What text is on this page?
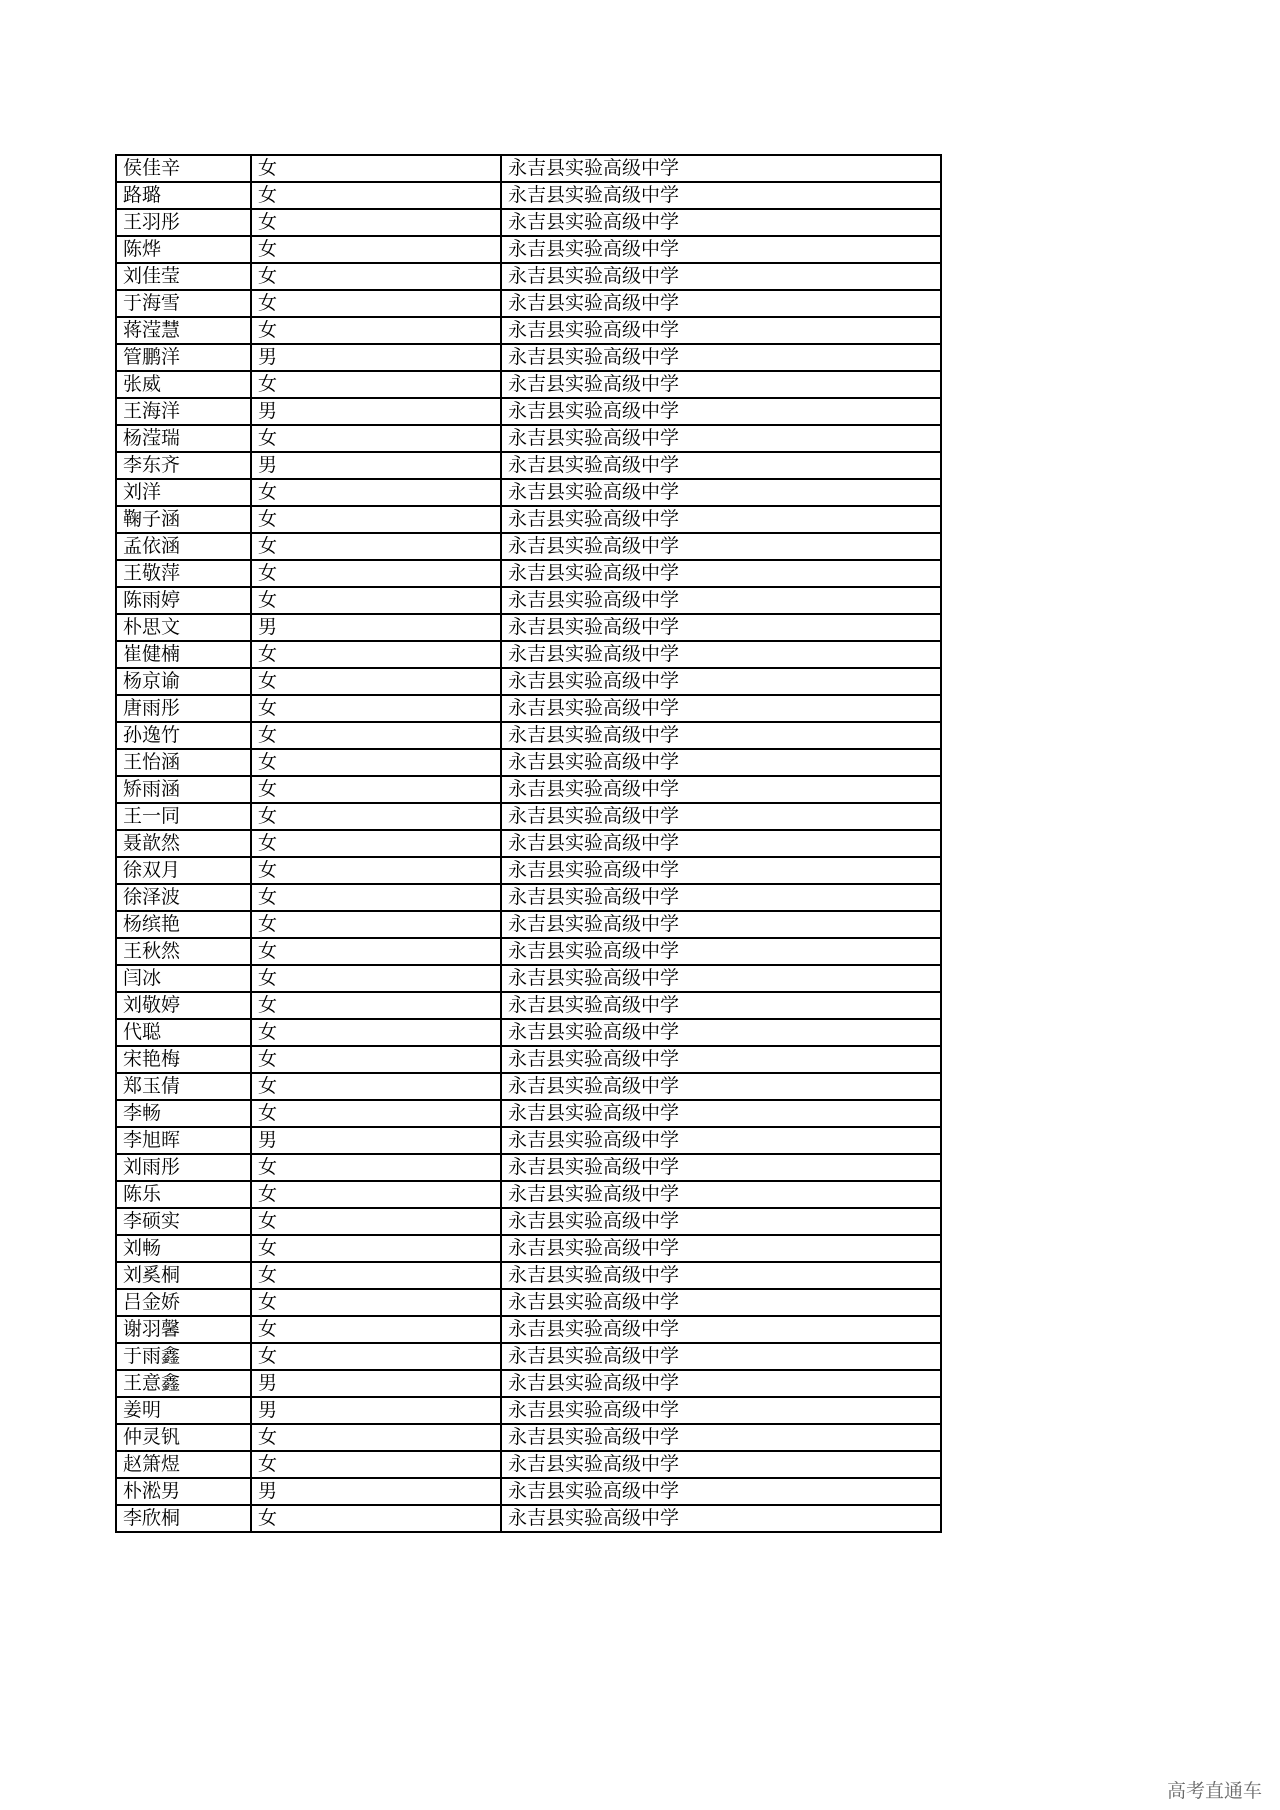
侯佳辛	女	永吉县实验高级中学
路璐	女	永吉县实验高级中学
王羽彤	女	永吉县实验高级中学
陈烨	女	永吉县实验高级中学
刘佳莹	女	永吉县实验高级中学
于海雪	女	永吉县实验高级中学
蒋滢慧	女	永吉县实验高级中学
管鹏洋	男	永吉县实验高级中学
张威	女	永吉县实验高级中学
王海洋	男	永吉县实验高级中学
杨滢瑞	女	永吉县实验高级中学
李东齐	男	永吉县实验高级中学
刘洋	女	永吉县实验高级中学
鞠子涵	女	永吉县实验高级中学
孟依涵	女	永吉县实验高级中学
王敬萍	女	永吉县实验高级中学
陈雨婷	女	永吉县实验高级中学
朴思文	男	永吉县实验高级中学
崔健楠	女	永吉县实验高级中学
杨京谕	女	永吉县实验高级中学
唐雨彤	女	永吉县实验高级中学
孙逸竹	女	永吉县实验高级中学
王怡涵	女	永吉县实验高级中学
矫雨涵	女	永吉县实验高级中学
王一同	女	永吉县实验高级中学
聂歆然	女	永吉县实验高级中学
徐双月	女	永吉县实验高级中学
徐泽波	女	永吉县实验高级中学
杨缤艳	女	永吉县实验高级中学
王秋然	女	永吉县实验高级中学
闫冰	女	永吉县实验高级中学
刘敬婷	女	永吉县实验高级中学
代聪	女	永吉县实验高级中学
宋艳梅	女	永吉县实验高级中学
郑玉倩	女	永吉县实验高级中学
李畅	女	永吉县实验高级中学
李旭晖	男	永吉县实验高级中学
刘雨彤	女	永吉县实验高级中学
陈乐	女	永吉县实验高级中学
李硕实	女	永吉县实验高级中学
刘畅	女	永吉县实验高级中学
刘奚桐	女	永吉县实验高级中学
吕金娇	女	永吉县实验高级中学
谢羽馨	女	永吉县实验高级中学
于雨鑫	女	永吉县实验高级中学
王意鑫	男	永吉县实验高级中学
姜明	男	永吉县实验高级中学
仲灵钒	女	永吉县实验高级中学
赵箫煜	女	永吉县实验高级中学
朴淞男	男	永吉县实验高级中学
李欣桐	女	永吉县实验高级中学
高考直通车
